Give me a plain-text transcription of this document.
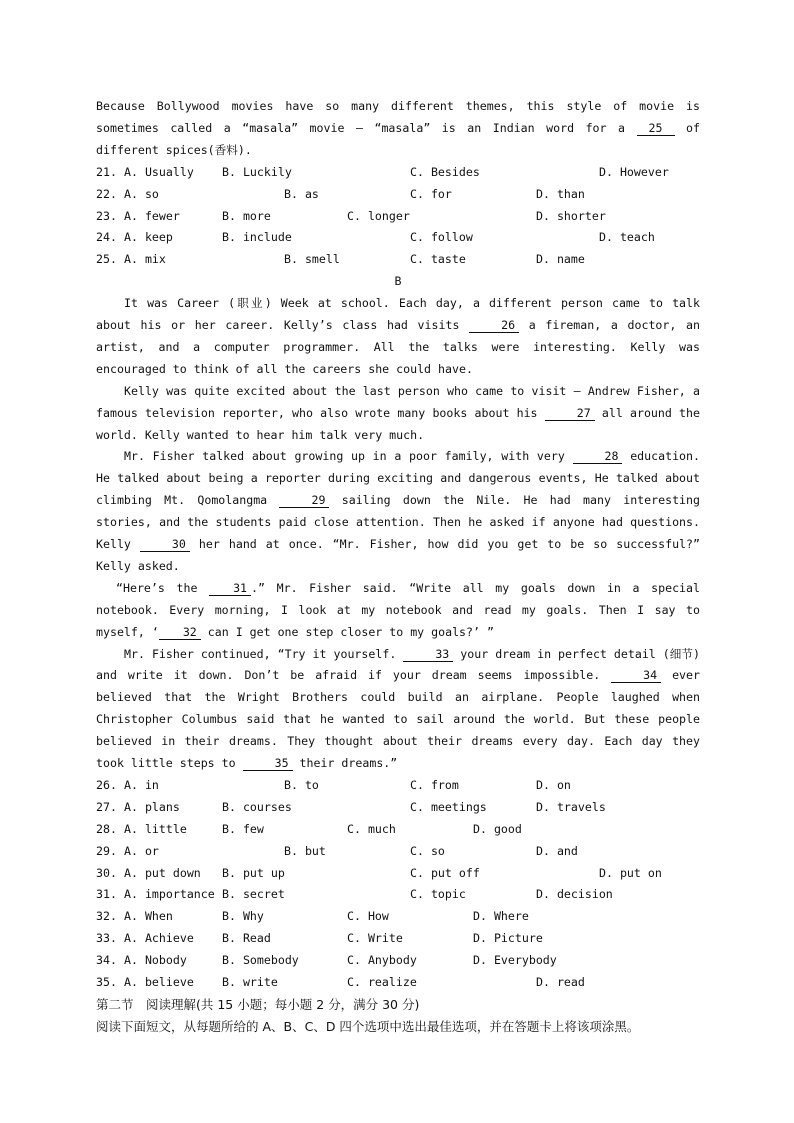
Because Bollywood movies have so many different themes, this style of movie is sometimes called a “masala” movie — “masala” is an Indian word for a 25 of different spices(香料).

21. A. Usually B. Luckily	C. Besides	D. However
22. A. so	B. as	C. for	D. than
23. A. fewer	B. more	C. longer	D. shorter
24. A. keep	B. include	C. follow	D. teach
25. A. mix	B. smell	C. taste	D. name
B

It was Career (职业) Week at school. Each day, a different person came to talk about his or her career. Kelly’s class had visits	26 a fireman, a doctor, an artist, and a computer programmer. All the talks were interesting. Kelly was encouraged to think of all the careers she could have.

Kelly was quite excited about the last person who came to visit — Andrew Fisher, a famous television reporter, who also wrote many books about his	27 all around the world. Kelly wanted to hear him talk very much.

Mr. Fisher talked about growing up in a poor family, with very	28 education. He talked about being a reporter during exciting and dangerous events, He talked about climbing Mt. Qomolangma	29 sailing down the Nile. He had many interesting stories, and the students paid close attention. Then he asked if anyone had questions. Kelly	30 her hand at once. “Mr. Fisher, how did you get to be so successful?” Kelly asked.

“Here’s the 31 .” Mr. Fisher said. “Write all my goals down in a special notebook. Every morning, I look at my notebook and read my goals. Then I say to myself, ‘ 32 can I get one step closer to my goals?’ ”

Mr. Fisher continued, “Try it yourself.	33 your dream in perfect detail (细节) and write it down. Don’t be afraid if your dream seems impossible.	34 ever believed that the Wright Brothers could build an airplane. People laughed when Christopher Columbus said that he wanted to sail around the world. But these people believed in their dreams. They thought about their dreams every day. Each day they took little steps to	35 their dreams.”

26. A. in	B. to	C. from	D. on
27. A. plans	B. courses	C. meetings	D. travels
28. A. little	B. few	C. much	D. good
29. A. or	B. but	C. so	D. and
30. A. put down B. put up	C. put off	D. put on
31. A. importance B. secret	C. topic	D. decision
32. A. When	B. Why	C. How	D. Where
33. A. Achieve B. Read	C. Write	D. Picture
34. A. Nobody	B. Somebody	C. Anybody	D. Everybody
35. A. believe B. write	C. realize	D. read
第二节　阅读理解(共 15 小题；每小题 2 分，满分 30 分)
阅读下面短文，从每题所给的 A、B、C、D 四个选项中选出最佳选项，并在答题卡上将该项涂黑。
